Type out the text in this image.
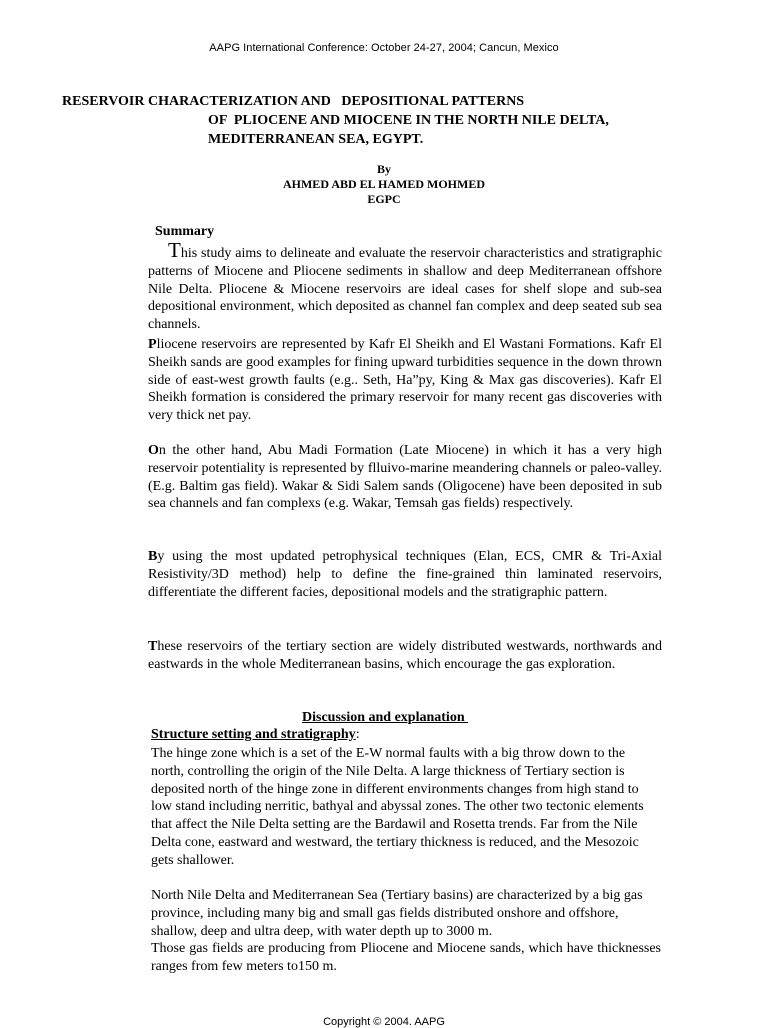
AAPG International Conference: October 24-27, 2004; Cancun, Mexico
RESERVOIR CHARACTERIZATION AND   DEPOSITIONAL PATTERNS
OF  PLIOCENE AND MIOCENE IN THE NORTH NILE DELTA,
MEDITERRANEAN SEA, EGYPT.
By
AHMED ABD EL HAMED MOHMED
EGPC
Summary
This study aims to delineate and evaluate the reservoir characteristics and stratigraphic patterns of Miocene and Pliocene sediments in shallow and deep Mediterranean offshore Nile Delta. Pliocene & Miocene reservoirs are ideal cases for shelf slope and sub-sea depositional environment, which deposited as channel fan complex and deep seated sub sea channels.
Pliocene reservoirs are represented by Kafr El Sheikh and El Wastani Formations. Kafr El Sheikh sands are good examples for fining upward turbidities sequence in the down thrown side of east-west growth faults (e.g.. Seth, Ha”py, King & Max gas discoveries). Kafr El Sheikh formation is considered the primary reservoir for many recent gas discoveries with very thick net pay.
On the other hand, Abu Madi Formation (Late Miocene) in which it has a very high reservoir potentiality is represented by flluivo-marine meandering channels or paleo-valley. (E.g. Baltim gas field). Wakar & Sidi Salem sands (Oligocene) have been deposited in sub sea channels and fan complexs (e.g. Wakar, Temsah gas fields) respectively.
By using the most updated petrophysical techniques (Elan, ECS, CMR & Tri-Axial Resistivity/3D method) help to define the fine-grained thin laminated reservoirs, differentiate the different facies, depositional models and the stratigraphic pattern.
These reservoirs of the tertiary section are widely distributed westwards, northwards and eastwards in the whole Mediterranean basins, which encourage the gas exploration.
Discussion and explanation
Structure setting and stratigraphy:
The hinge zone which is a set of the E-W normal faults with a big throw down to the north, controlling the origin of the Nile Delta. A large thickness of Tertiary section is deposited north of the hinge zone in different environments changes from high stand to low stand including nerritic, bathyal and abyssal zones. The other two tectonic elements that affect the Nile Delta setting are the Bardawil and Rosetta trends. Far from the Nile Delta cone, eastward and westward, the tertiary thickness is reduced, and the Mesozoic gets shallower.
North Nile Delta and Mediterranean Sea (Tertiary basins) are characterized by a big gas province, including many big and small gas fields distributed onshore and offshore, shallow, deep and ultra deep, with water depth up to 3000 m.
Those gas fields are producing from Pliocene and Miocene sands, which have thicknesses ranges from few meters to150 m.
Copyright © 2004. AAPG
